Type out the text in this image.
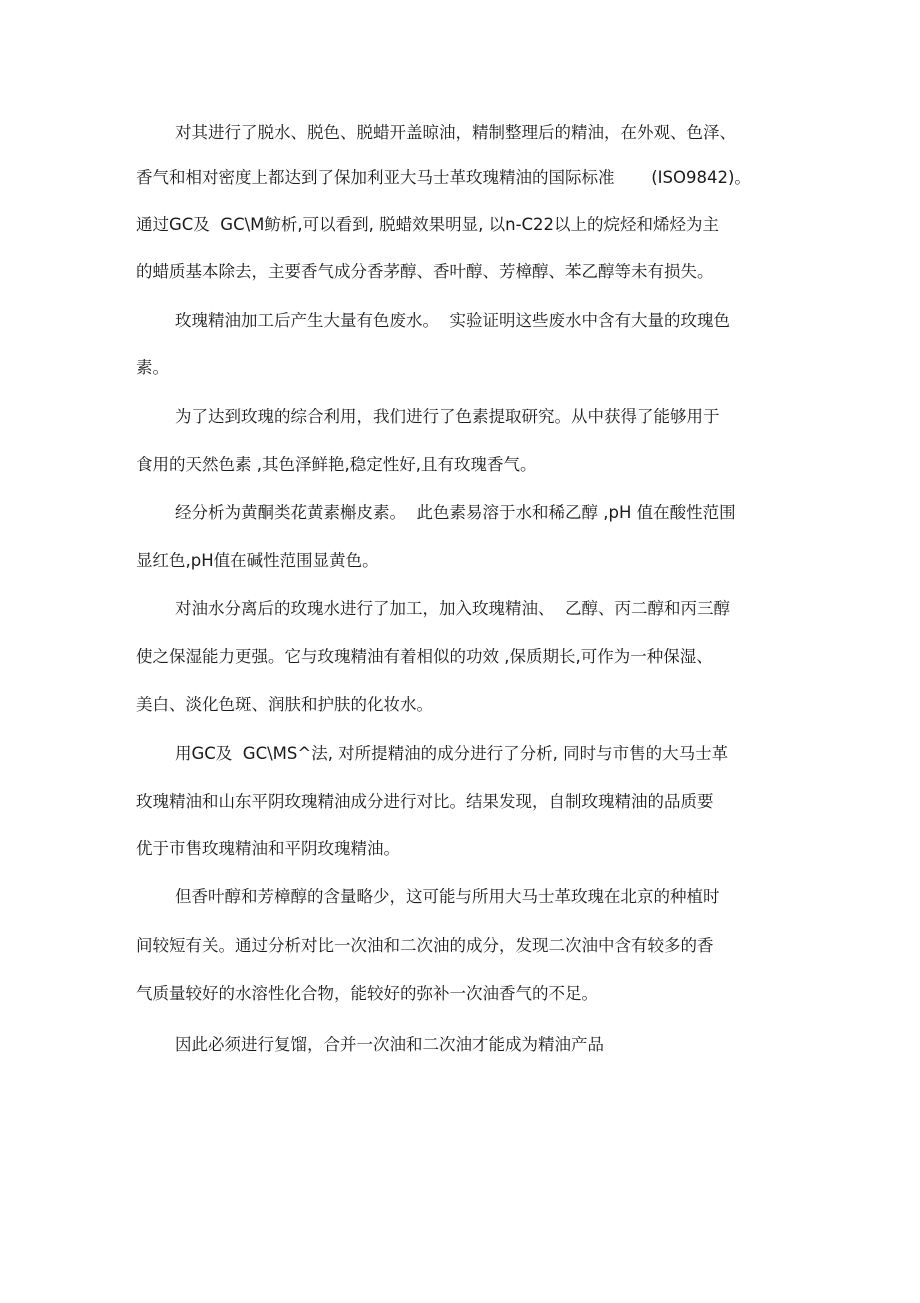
对其进行了脱水、脱色、脱蜡开盖晾油，精制整理后的精油，在外观、色泽、
香气和相对密度上都达到了保加利亚大马士革玫瑰精油的国际标准       (ISO9842)。
通过GC及  GC\M鲂析,可以看到, 脱蜡效果明显, 以n-C22以上的烷烃和烯烃为主
的蜡质基本除去，主要香气成分香茅醇、香叶醇、芳樟醇、苯乙醇等未有损失。
玫瑰精油加工后产生大量有色废水。  实验证明这些废水中含有大量的玫瑰色
素。
为了达到玫瑰的综合利用，我们进行了色素提取研究。从中获得了能够用于
食用的天然色素 ,其色泽鲜艳,稳定性好,且有玫瑰香气。
经分析为黄酮类花黄素槲皮素。  此色素易溶于水和稀乙醇 ,pH 值在酸性范围
显红色,pH值在碱性范围显黄色。
对油水分离后的玫瑰水进行了加工，加入玫瑰精油、  乙醇、丙二醇和丙三醇
使之保湿能力更强。它与玫瑰精油有着相似的功效 ,保质期长,可作为一种保湿、
美白、淡化色斑、润肤和护肤的化妆水。
用GC及  GC\MS^法, 对所提精油的成分进行了分析, 同时与市售的大马士革
玫瑰精油和山东平阴玫瑰精油成分进行对比。结果发现，自制玫瑰精油的品质要
优于市售玫瑰精油和平阴玫瑰精油。
但香叶醇和芳樟醇的含量略少，这可能与所用大马士革玫瑰在北京的种植时
间较短有关。通过分析对比一次油和二次油的成分，发现二次油中含有较多的香
气质量较好的水溶性化合物，能较好的弥补一次油香气的不足。
因此必须进行复馏，合并一次油和二次油才能成为精油产品
